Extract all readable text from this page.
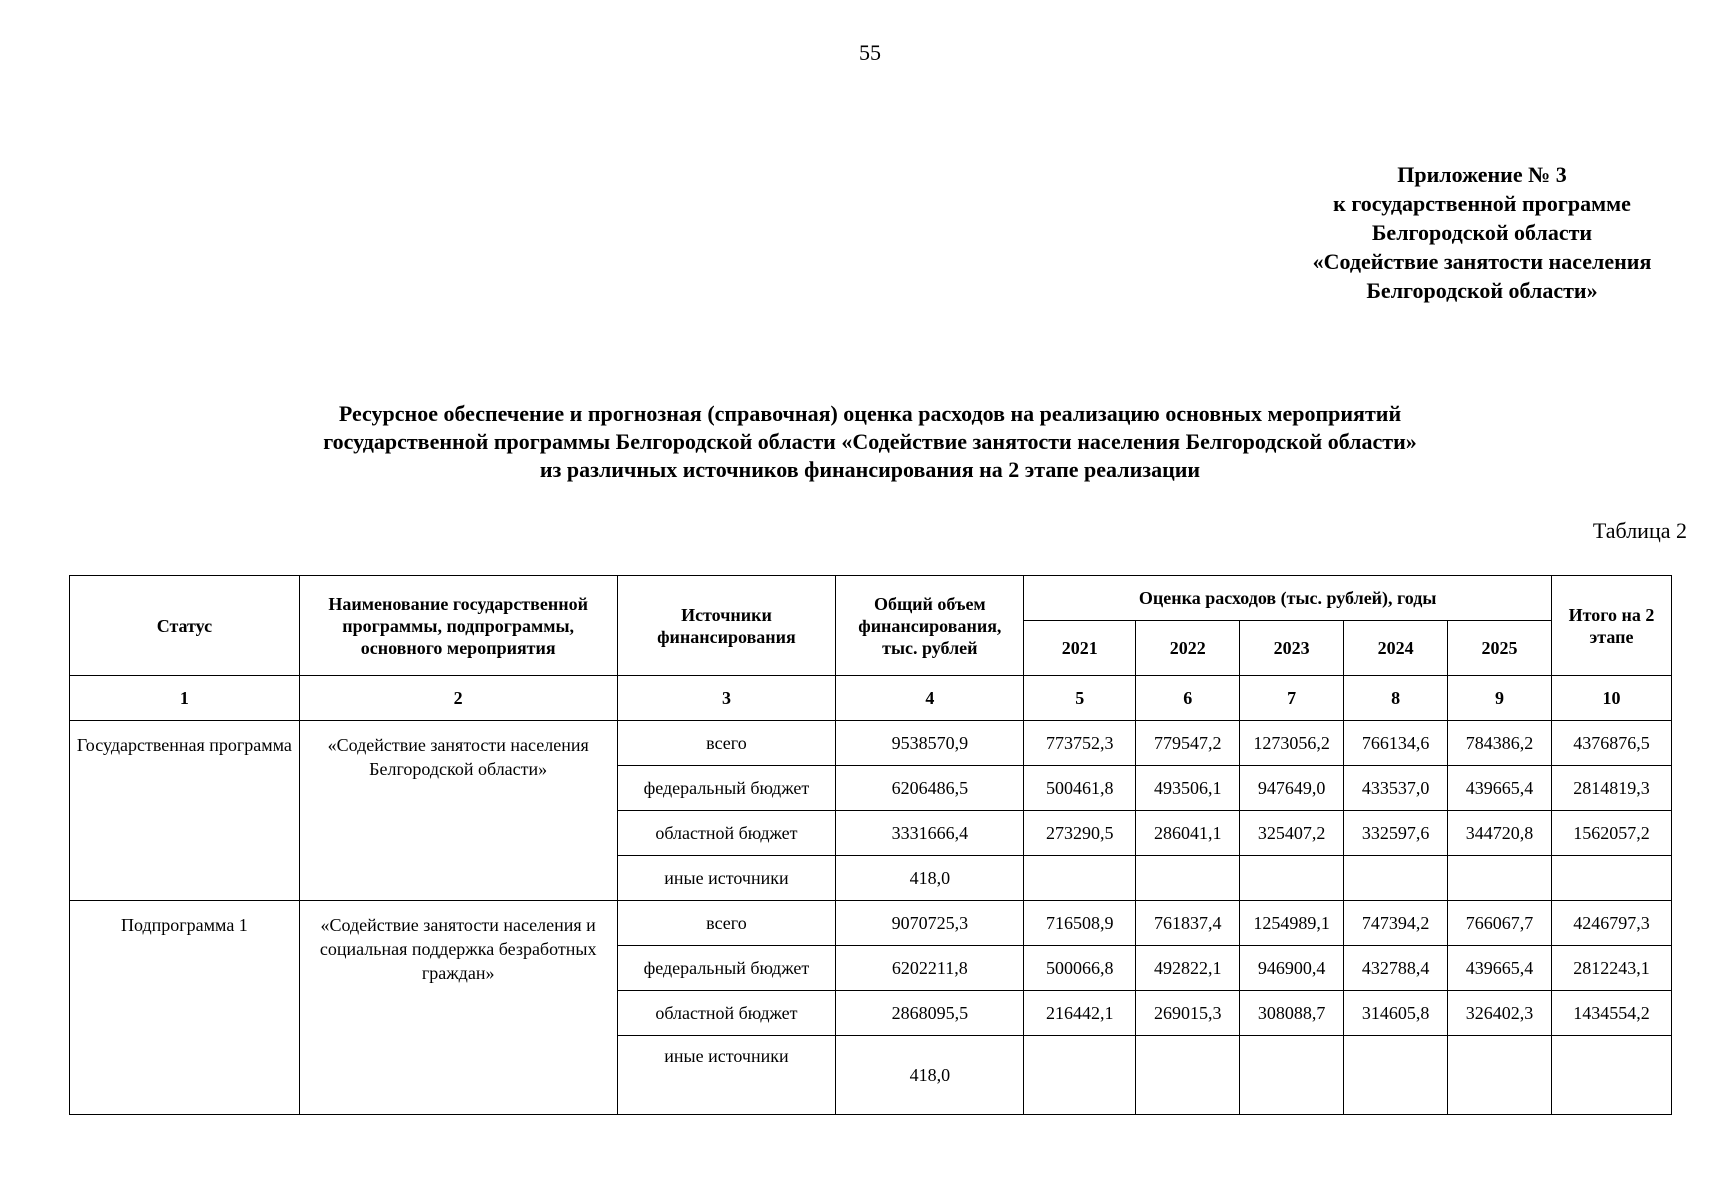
55
Приложение № 3
к государственной программе
Белгородской области
«Содействие занятости населения
Белгородской области»
Ресурсное обеспечение и прогнозная (справочная) оценка расходов на реализацию основных мероприятий
государственной программы Белгородской области «Содействие занятости населения Белгородской области»
из различных источников финансирования на 2 этапе реализации
Таблица 2
Статус	Наименование государственной программы, подпрограммы, основного мероприятия	Источники финансирования	Общий объем финансирования, тыс. рублей	Оценка расходов (тыс. рублей), годы					Итого на 2 этапе
				2021	2022	2023	2024	2025	
1	2	3	4	5	6	7	8	9	10
Государственная программа	«Содействие занятости населения Белгородской области»	всего	9538570,9	773752,3	779547,2	1273056,2	766134,6	784386,2	4376876,5
		федеральный бюджет	6206486,5	500461,8	493506,1	947649,0	433537,0	439665,4	2814819,3
		областной бюджет	3331666,4	273290,5	286041,1	325407,2	332597,6	344720,8	1562057,2
		иные источники	418,0						
Подпрограмма 1	«Содействие занятости населения и социальная поддержка безработных граждан»	всего	9070725,3	716508,9	761837,4	1254989,1	747394,2	766067,7	4246797,3
		федеральный бюджет	6202211,8	500066,8	492822,1	946900,4	432788,4	439665,4	2812243,1
		областной бюджет	2868095,5	216442,1	269015,3	308088,7	314605,8	326402,3	1434554,2
		иные источники	418,0						
